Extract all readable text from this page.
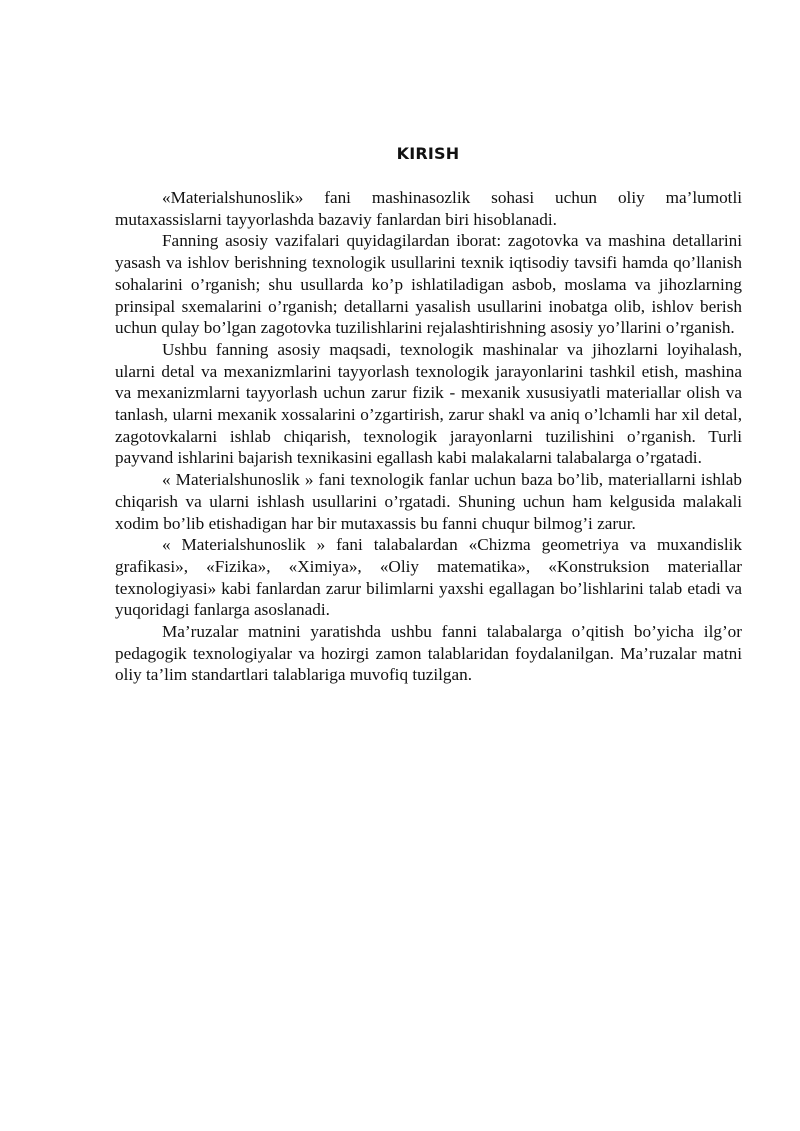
KIRISH

«Materialshunoslik» fani mashinasozlik sohasi uchun oliy ma’lumotli mutaxassislarni tayyorlashda bazaviy fanlardan biri hisoblanadi.

Fanning asosiy vazifalari quyidagilardan iborat: zagotovka va mashina detallarini yasash va ishlov berishning texnologik usullarini texnik iqtisodiy tavsifi hamda qo’llanish sohalarini o’rganish; shu usullarda ko’p ishlatiladigan asbob, moslama va jihozlarning prinsipal sxemalarini o’rganish; detallarni yasalish usullarini inobatga olib, ishlov berish uchun qulay bo’lgan zagotovka tuzilishlarini rejalashtirishning asosiy yo’llarini o’rganish.

Ushbu fanning asosiy maqsadi, texnologik mashinalar va jihozlarni loyihalash, ularni detal va mexanizmlarini tayyorlash texnologik jarayonlarini tashkil etish, mashina va mexanizmlarni tayyorlash uchun zarur fizik - mexanik xususiyatli materiallar olish va tanlash, ularni mexanik xossalarini o’zgartirish, zarur shakl va aniq o’lchamli har xil detal, zagotovkalarni ishlab chiqarish, texnologik jarayonlarni tuzilishini o’rganish. Turli payvand ishlarini bajarish texnikasini egallash kabi malakalarni talabalarga o’rgatadi.

« Materialshunoslik » fani texnologik fanlar uchun baza bo’lib, materiallarni ishlab chiqarish va ularni ishlash usullarini o’rgatadi. Shuning uchun ham kelgusida malakali xodim bo’lib etishadigan har bir mutaxassis bu fanni chuqur bilmog’i zarur.

« Materialshunoslik » fani talabalardan «Chizma geometriya va muxandislik grafikasi», «Fizika», «Ximiya», «Oliy matematika», «Konstruksion materiallar texnologiyasi» kabi fanlardan zarur bilimlarni yaxshi egallagan bo’lishlarini talab etadi va yuqoridagi fanlarga asoslanadi.

Ma’ruzalar matnini yaratishda ushbu fanni talabalarga o’qitish bo’yicha ilg’or pedagogik texnologiyalar va hozirgi zamon talablaridan foydalanilgan. Ma’ruzalar matni oliy ta’lim standartlari talablariga muvofiq tuzilgan.
